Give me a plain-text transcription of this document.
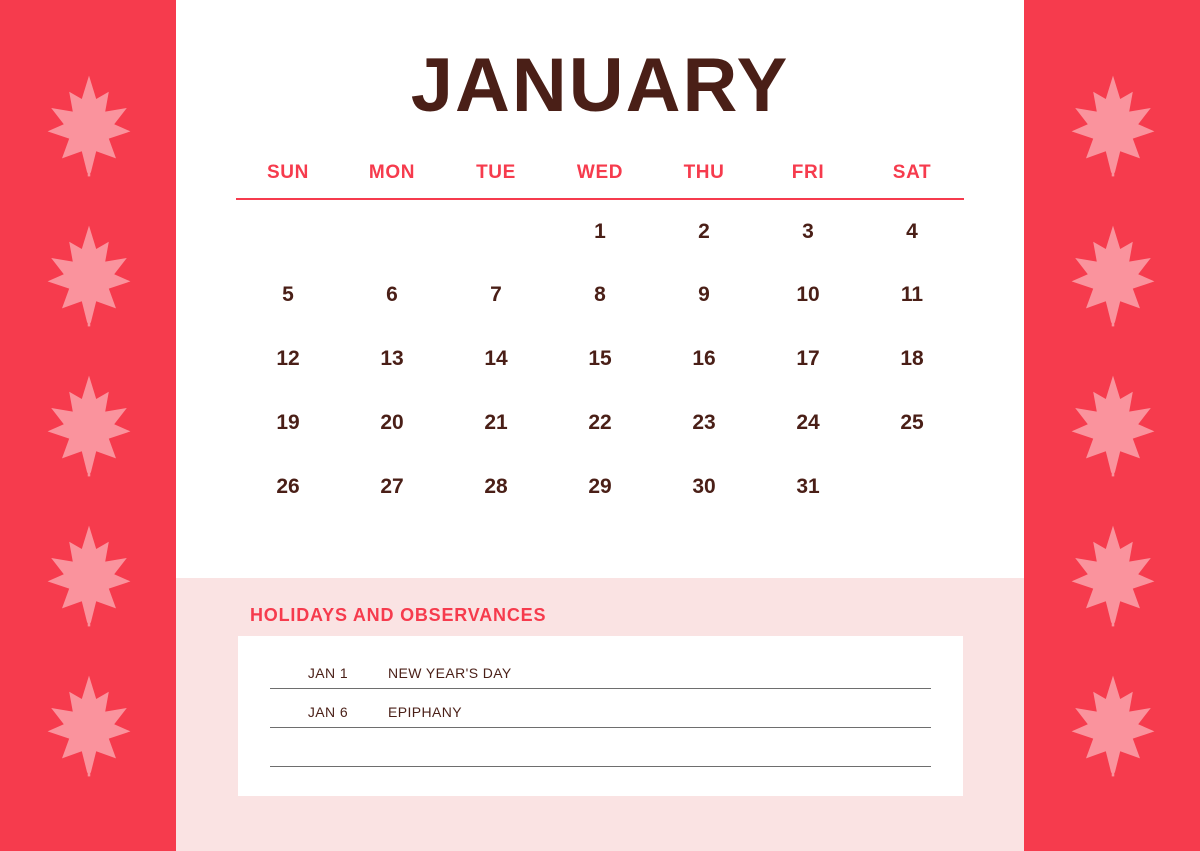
JANUARY
SUN	MON	TUE	WED	THU	FRI	SAT
			1	2	3	4
5	6	7	8	9	10	11
12	13	14	15	16	17	18
19	20	21	22	23	24	25
26	27	28	29	30	31	
HOLIDAYS AND OBSERVANCES
JAN 1	NEW YEAR'S DAY
JAN 6	EPIPHANY
